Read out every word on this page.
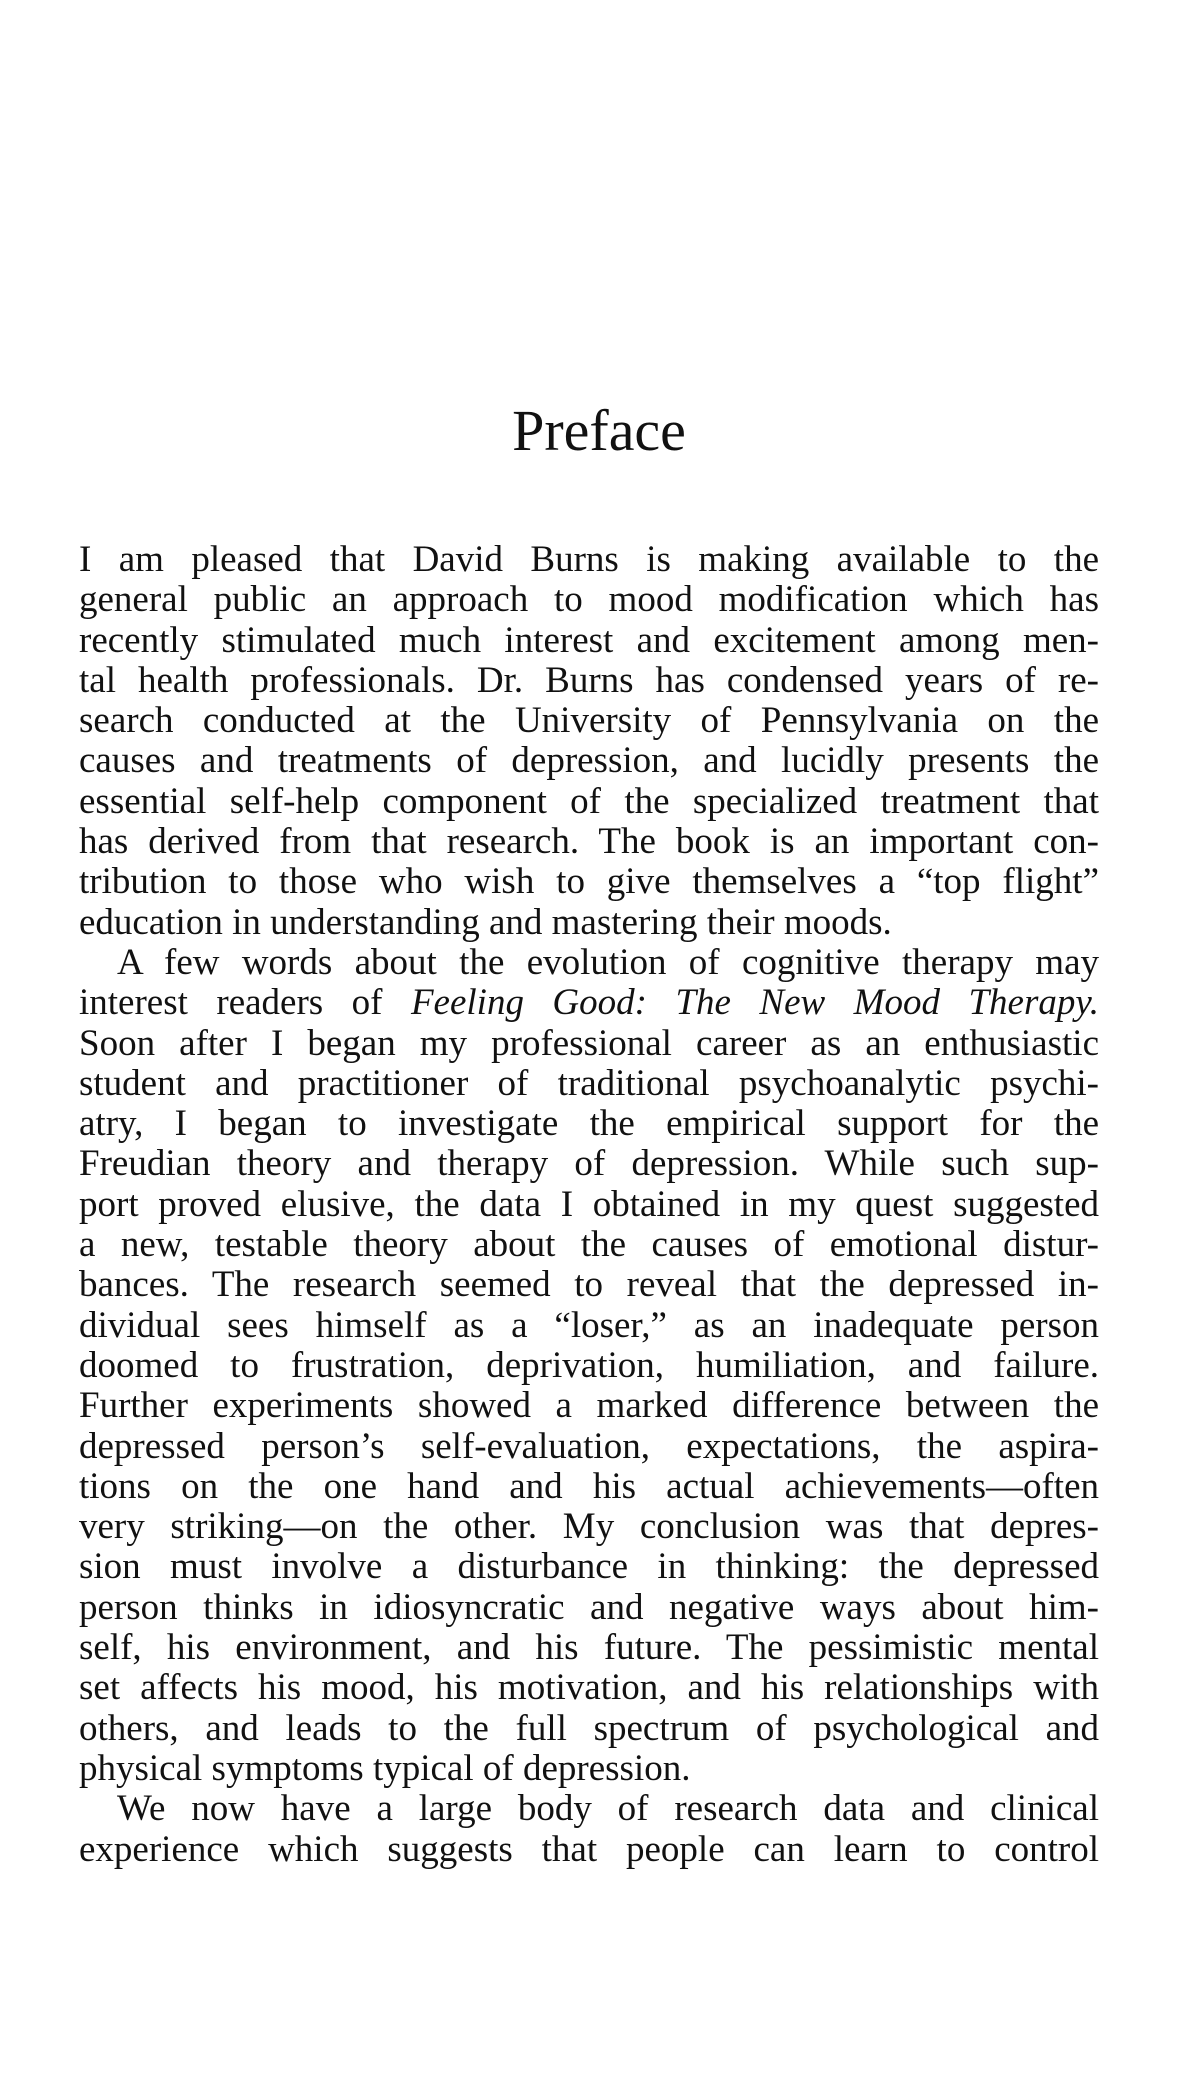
Preface
I am pleased that David Burns is making available to the
general public an approach to mood modification which has
recently stimulated much interest and excitement among men-
tal health professionals. Dr. Burns has condensed years of re-
search conducted at the University of Pennsylvania on the
causes and treatments of depression, and lucidly presents the
essential self-help component of the specialized treatment that
has derived from that research. The book is an important con-
tribution to those who wish to give themselves a “top flight”
education in understanding and mastering their moods.
A few words about the evolution of cognitive therapy may
interest readers of Feeling Good: The New Mood Therapy.
Soon after I began my professional career as an enthusiastic
student and practitioner of traditional psychoanalytic psychi-
atry, I began to investigate the empirical support for the
Freudian theory and therapy of depression. While such sup-
port proved elusive, the data I obtained in my quest suggested
a new, testable theory about the causes of emotional distur-
bances. The research seemed to reveal that the depressed in-
dividual sees himself as a “loser,” as an inadequate person
doomed to frustration, deprivation, humiliation, and failure.
Further experiments showed a marked difference between the
depressed person’s self-evaluation, expectations, the aspira-
tions on the one hand and his actual achievements—often
very striking—on the other. My conclusion was that depres-
sion must involve a disturbance in thinking: the depressed
person thinks in idiosyncratic and negative ways about him-
self, his environment, and his future. The pessimistic mental
set affects his mood, his motivation, and his relationships with
others, and leads to the full spectrum of psychological and
physical symptoms typical of depression.
We now have a large body of research data and clinical
experience which suggests that people can learn to control
